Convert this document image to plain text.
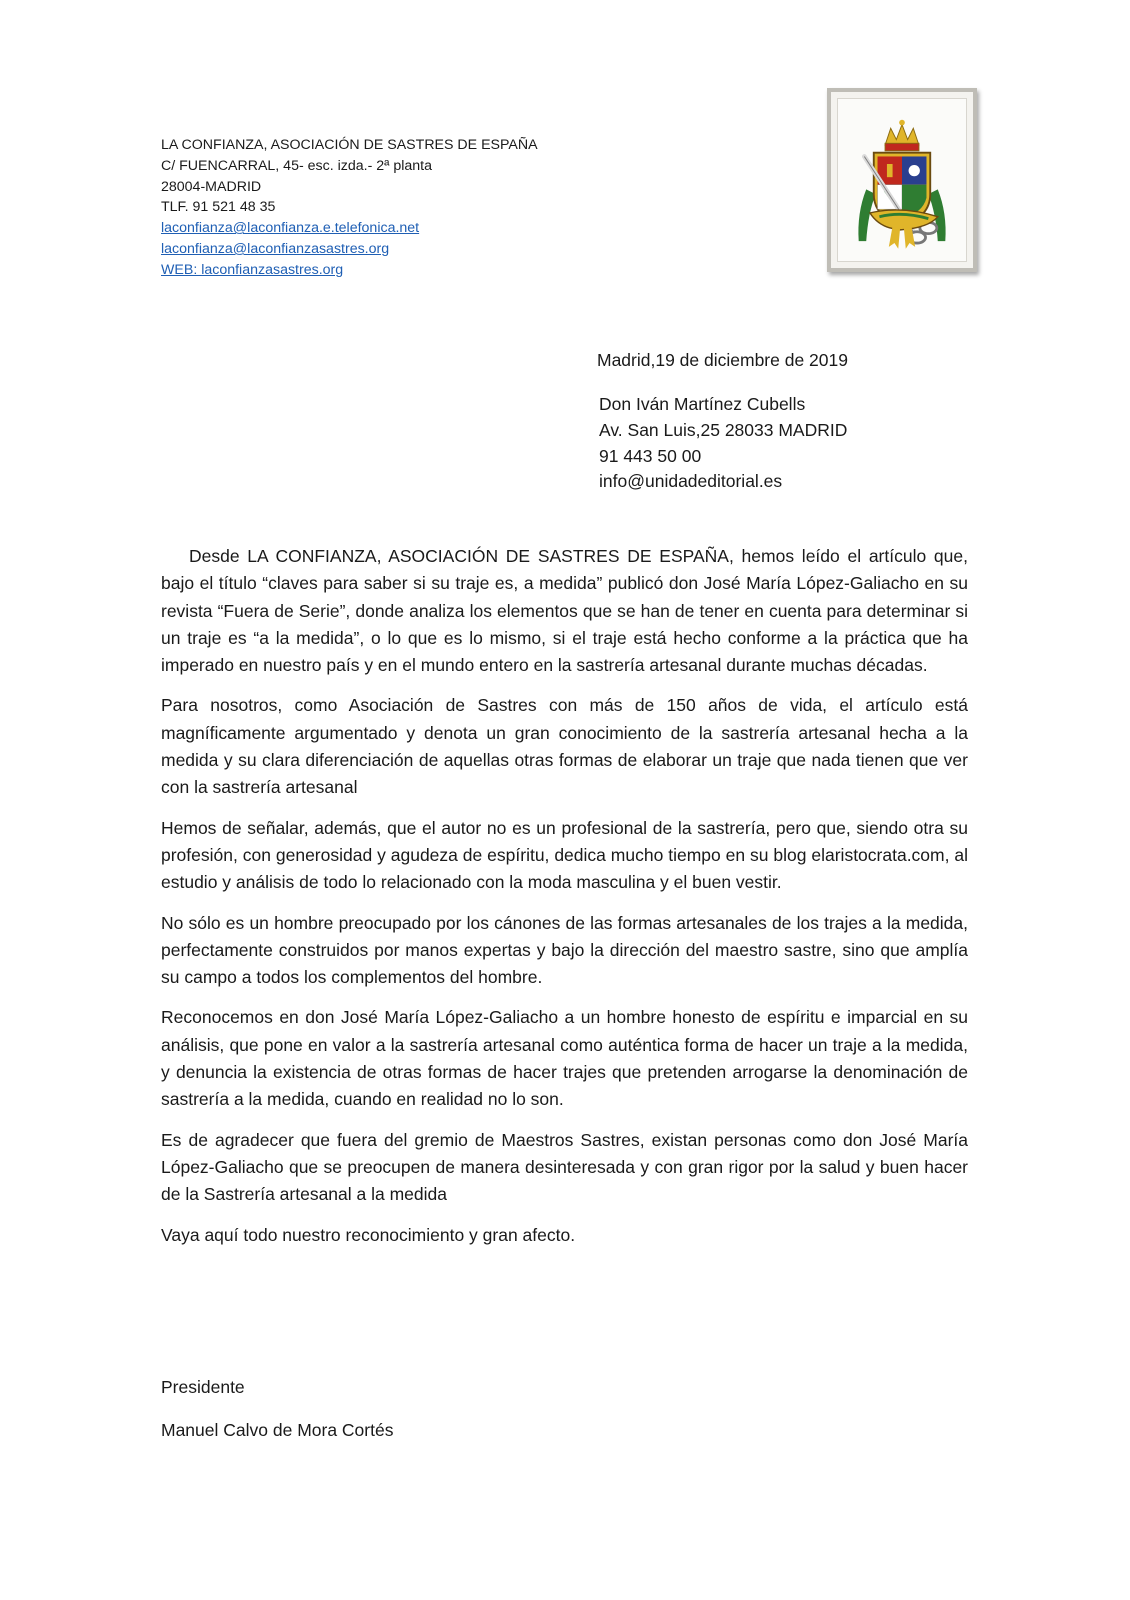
LA CONFIANZA, ASOCIACIÓN DE SASTRES DE ESPAÑA
C/ FUENCARRAL, 45- esc. izda.- 2ª planta
28004-MADRID
TLF. 91 521 48 35
laconfianza@laconfianza.e.telefonica.net
laconfianza@laconfianzasastres.org
WEB: laconfianzasastres.org
Madrid,19 de diciembre de 2019
Don Iván Martínez Cubells
Av. San Luis,25 28033 MADRID
91 443 50 00
info@unidadeditorial.es

Desde LA CONFIANZA, ASOCIACIÓN DE SASTRES DE ESPAÑA, hemos leído el artículo que, bajo el título “claves para saber si su traje es, a medida” publicó don José María López-Galiacho en su revista “Fuera de Serie”, donde analiza los elementos que se han de tener en cuenta para determinar si un traje es “a la medida”, o lo que es lo mismo, si el traje está hecho conforme a la práctica que ha imperado en nuestro país y en el mundo entero en la sastrería artesanal durante muchas décadas.

Para nosotros, como Asociación de Sastres con más de 150 años de vida, el artículo está magníficamente argumentado y denota un gran conocimiento de la sastrería artesanal hecha a la medida y su clara diferenciación de aquellas otras formas de elaborar un traje que nada tienen que ver con la sastrería artesanal

Hemos de señalar, además, que el autor no es un profesional de la sastrería, pero que, siendo otra su profesión, con generosidad y agudeza de espíritu, dedica mucho tiempo en su blog elaristocrata.com, al estudio y análisis de todo lo relacionado con la moda masculina y el buen vestir.

No sólo es un hombre preocupado por los cánones de las formas artesanales de los trajes a la medida, perfectamente construidos por manos expertas y bajo la dirección del maestro sastre, sino que amplía su campo a todos los complementos del hombre.

Reconocemos en don José María López-Galiacho a un hombre honesto de espíritu e imparcial en su análisis, que pone en valor a la sastrería artesanal como auténtica forma de hacer un traje a la medida, y denuncia la existencia de otras formas de hacer trajes que pretenden arrogarse la denominación de sastrería a la medida, cuando en realidad no lo son.

Es de agradecer que fuera del gremio de Maestros Sastres, existan personas como don José María López-Galiacho que se preocupen de manera desinteresada y con gran rigor por la salud y buen hacer de la Sastrería artesanal a la medida

Vaya aquí todo nuestro reconocimiento y gran afecto.

Presidente
Manuel Calvo de Mora Cortés
